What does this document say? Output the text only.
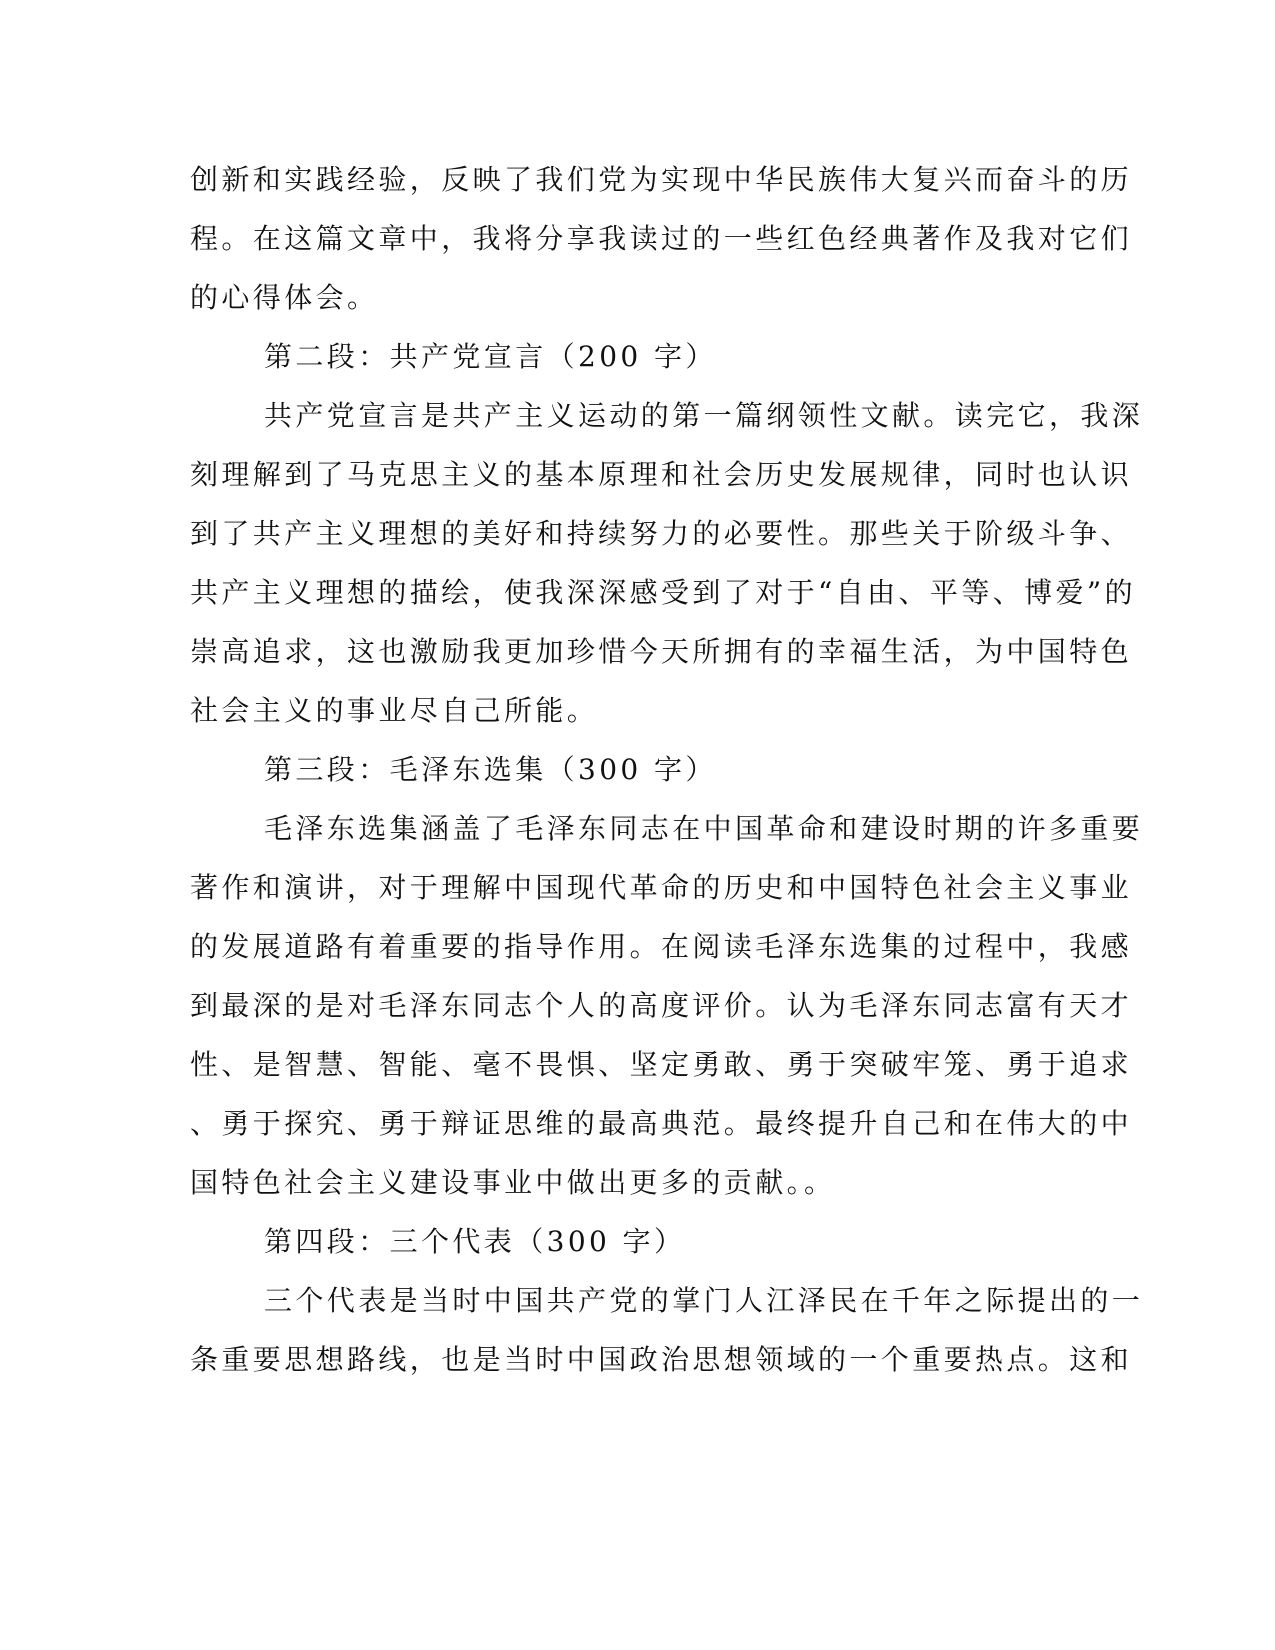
创新和实践经验，反映了我们党为实现中华民族伟大复兴而奋斗的历
程。在这篇文章中，我将分享我读过的一些红色经典著作及我对它们
的心得体会。
第二段：共产党宣言（200 字）
共产党宣言是共产主义运动的第一篇纲领性文献。读完它，我深
刻理解到了马克思主义的基本原理和社会历史发展规律，同时也认识
到了共产主义理想的美好和持续努力的必要性。那些关于阶级斗争、
共产主义理想的描绘，使我深深感受到了对于“自由、平等、博爱”的
崇高追求，这也激励我更加珍惜今天所拥有的幸福生活，为中国特色
社会主义的事业尽自己所能。
第三段：毛泽东选集（300 字）
毛泽东选集涵盖了毛泽东同志在中国革命和建设时期的许多重要
著作和演讲，对于理解中国现代革命的历史和中国特色社会主义事业
的发展道路有着重要的指导作用。在阅读毛泽东选集的过程中，我感
到最深的是对毛泽东同志个人的高度评价。认为毛泽东同志富有天才
性、是智慧、智能、毫不畏惧、坚定勇敢、勇于突破牢笼、勇于追求
、勇于探究、勇于辩证思维的最高典范。最终提升自己和在伟大的中
国特色社会主义建设事业中做出更多的贡献。。
第四段：三个代表（300 字）
三个代表是当时中国共产党的掌门人江泽民在千年之际提出的一
条重要思想路线，也是当时中国政治思想领域的一个重要热点。这和
